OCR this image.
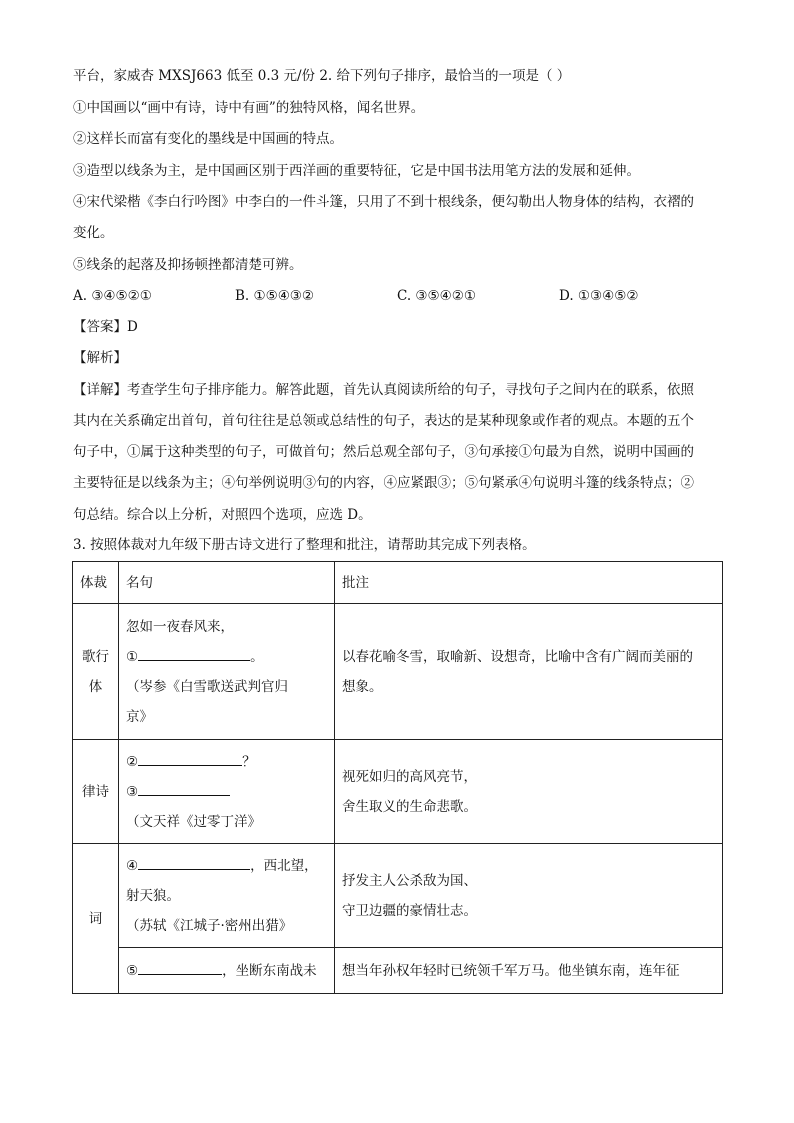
平台，家威杏 MXSJ663 低至 0.3 元/份 2. 给下列句子排序，最恰当的一项是（ ）
①中国画以“画中有诗，诗中有画”的独特风格，闻名世界。
②这样长而富有变化的墨线是中国画的特点。
③造型以线条为主，是中国画区别于西洋画的重要特征，它是中国书法用笔方法的发展和延伸。
④宋代梁楷《李白行吟图》中李白的一件斗篷，只用了不到十根线条，便勾勒出人物身体的结构，衣褶的
变化。
⑤线条的起落及抑扬顿挫都清楚可辨。
A. ③④⑤②①	B. ①⑤④③②	C. ③⑤④②①	D. ①③④⑤②
【答案】D
【解析】
【详解】考查学生句子排序能力。解答此题，首先认真阅读所给的句子，寻找句子之间内在的联系，依照
其内在关系确定出首句，首句往往是总领或总结性的句子，表达的是某种现象或作者的观点。本题的五个
句子中，①属于这种类型的句子，可做首句；然后总观全部句子，③句承接①句最为自然，说明中国画的
主要特征是以线条为主；④句举例说明③句的内容，④应紧跟③；⑤句紧承④句说明斗篷的线条特点；②
句总结。综合以上分析，对照四个选项，应选 D。
3. 按照体裁对九年级下册古诗文进行了整理和批注，请帮助其完成下列表格。
体裁	名句	批注

歌行
体	忽如一夜春风来，
① 。
（岑参《白雪歌送武判官归
京》	以春花喻冬雪，取喻新、设想奇，比喻中含有广阔而美丽的
想象。

律诗	② ？
③
（文天祥《过零丁洋》	视死如归的高风亮节，
舍生取义的生命悲歌。

词	④ ，西北望，
射天狼。
（苏轼《江城子·密州出猎》	抒发主人公杀敌为国、
守卫边疆的豪情壮志。

	⑤ ，坐断东南战未	想当年孙权年轻时已统领千军万马。他坐镇东南，连年征
